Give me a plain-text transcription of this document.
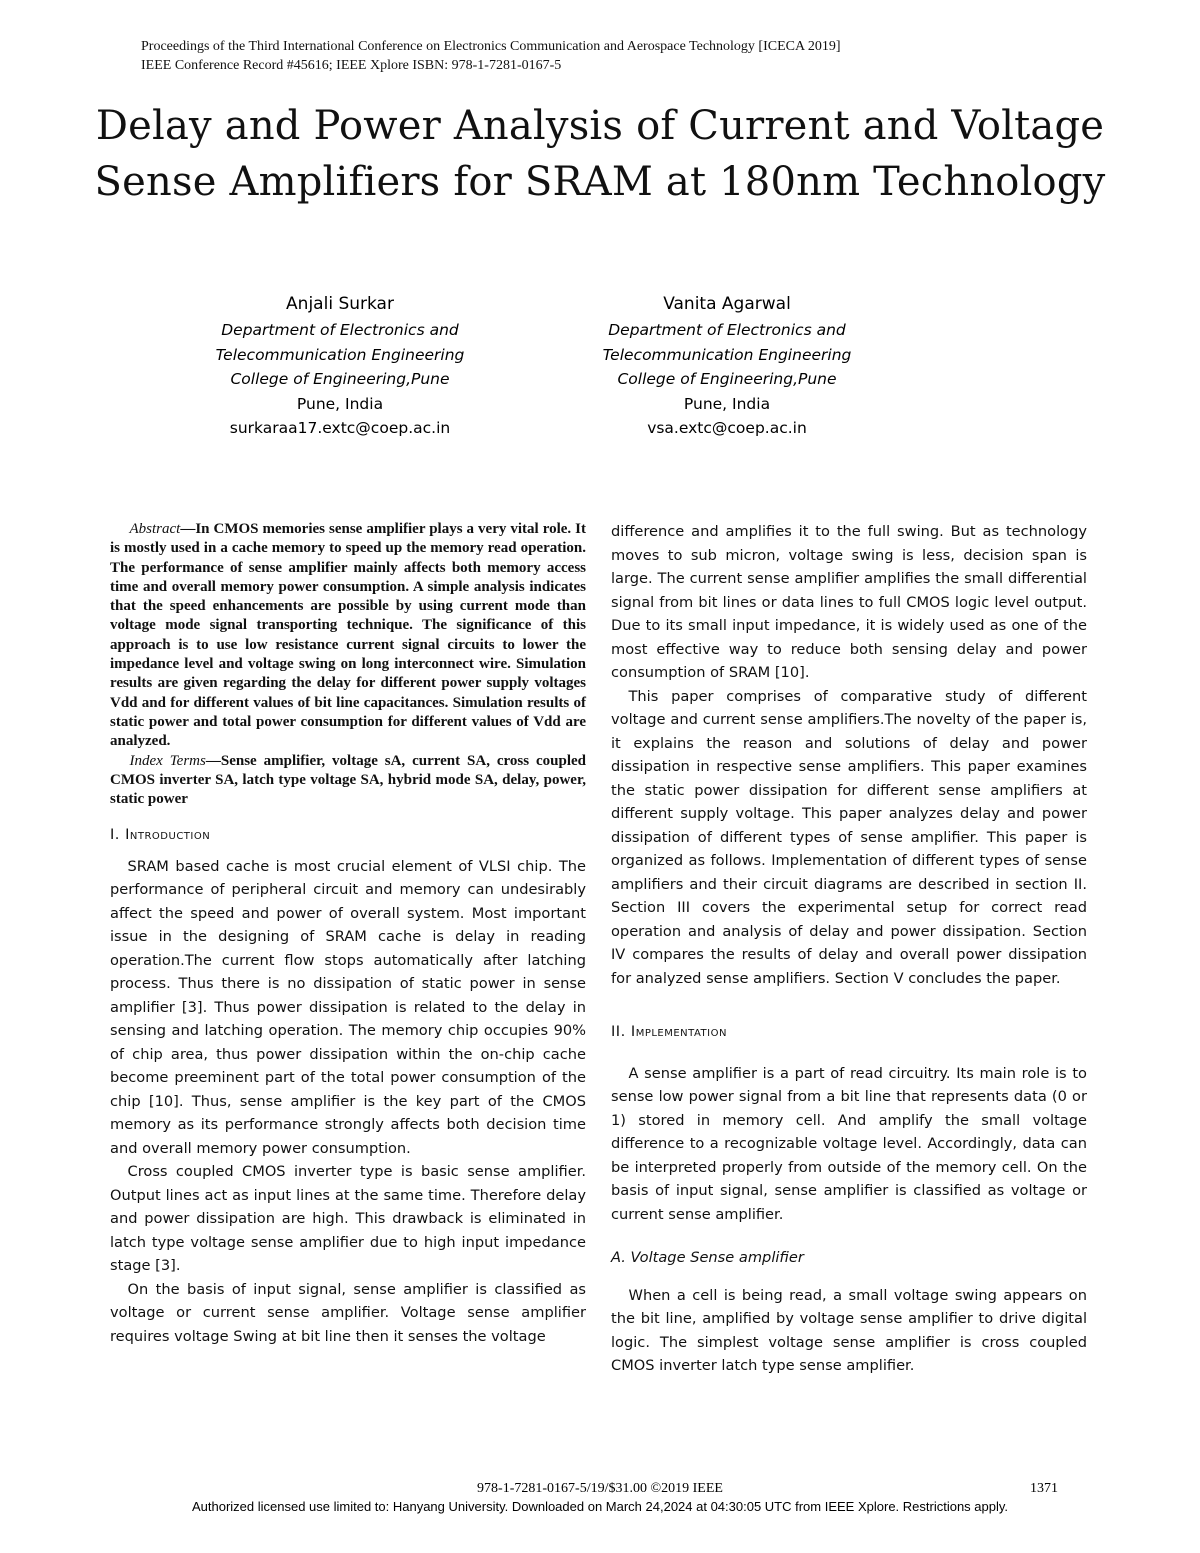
Proceedings of the Third International Conference on Electronics Communication and Aerospace Technology [ICECA 2019]
IEEE Conference Record #45616; IEEE Xplore ISBN: 978-1-7281-0167-5
Delay and Power Analysis of Current and Voltage
Sense Amplifiers for SRAM at 180nm Technology
Anjali Surkar
Department of Electronics and
Telecommunication Engineering
College of Engineering,Pune
Pune, India
surkaraa17.extc@coep.ac.in
Vanita Agarwal
Department of Electronics and
Telecommunication Engineering
College of Engineering,Pune
Pune, India
vsa.extc@coep.ac.in

Abstract—In CMOS memories sense amplifier plays a very vital role. It is mostly used in a cache memory to speed up the memory read operation. The performance of sense amplifier mainly affects both memory access time and overall memory power consumption. A simple analysis indicates that the speed enhancements are possible by using current mode than voltage mode signal transporting technique. The significance of this approach is to use low resistance current signal circuits to lower the impedance level and voltage swing on long interconnect wire. Simulation results are given regarding the delay for different power supply voltages Vdd and for different values of bit line capacitances. Simulation results of static power and total power consumption for different values of Vdd are analyzed.

Index Terms—Sense amplifier, voltage sA, current SA, cross coupled CMOS inverter SA, latch type voltage SA, hybrid mode SA, delay, power, static power

I. Introduction

SRAM based cache is most crucial element of VLSI chip. The performance of peripheral circuit and memory can undesirably affect the speed and power of overall system. Most important issue in the designing of SRAM cache is delay in reading operation.The current flow stops automatically after latching process. Thus there is no dissipation of static power in sense amplifier [3]. Thus power dissipation is related to the delay in sensing and latching operation. The memory chip occupies 90% of chip area, thus power dissipation within the on-chip cache become preeminent part of the total power consumption of the chip [10]. Thus, sense amplifier is the key part of the CMOS memory as its performance strongly affects both decision time and overall memory power consumption.

Cross coupled CMOS inverter type is basic sense amplifier. Output lines act as input lines at the same time. Therefore delay and power dissipation are high. This drawback is eliminated in latch type voltage sense amplifier due to high input impedance stage [3].

On the basis of input signal, sense amplifier is classified as voltage or current sense amplifier. Voltage sense amplifier requires voltage Swing at bit line then it senses the voltage

difference and amplifies it to the full swing. But as technology moves to sub micron, voltage swing is less, decision span is large. The current sense amplifier amplifies the small differential signal from bit lines or data lines to full CMOS logic level output. Due to its small input impedance, it is widely used as one of the most effective way to reduce both sensing delay and power consumption of SRAM [10].

This paper comprises of comparative study of different voltage and current sense amplifiers.The novelty of the paper is, it explains the reason and solutions of delay and power dissipation in respective sense amplifiers. This paper examines the static power dissipation for different sense amplifiers at different supply voltage. This paper analyzes delay and power dissipation of different types of sense amplifier. This paper is organized as follows. Implementation of different types of sense amplifiers and their circuit diagrams are described in section II. Section III covers the experimental setup for correct read operation and analysis of delay and power dissipation. Section IV compares the results of delay and overall power dissipation for analyzed sense amplifiers. Section V concludes the paper.

II. Implementation

A sense amplifier is a part of read circuitry. Its main role is to sense low power signal from a bit line that represents data (0 or 1) stored in memory cell. And amplify the small voltage difference to a recognizable voltage level. Accordingly, data can be interpreted properly from outside of the memory cell. On the basis of input signal, sense amplifier is classified as voltage or current sense amplifier.

A. Voltage Sense amplifier

When a cell is being read, a small voltage swing appears on the bit line, amplified by voltage sense amplifier to drive digital logic. The simplest voltage sense amplifier is cross coupled CMOS inverter latch type sense amplifier.

978-1-7281-0167-5/19/$31.00 ©2019 IEEE	1371
Authorized licensed use limited to: Hanyang University. Downloaded on March 24,2024 at 04:30:05 UTC from IEEE Xplore. Restrictions apply.
